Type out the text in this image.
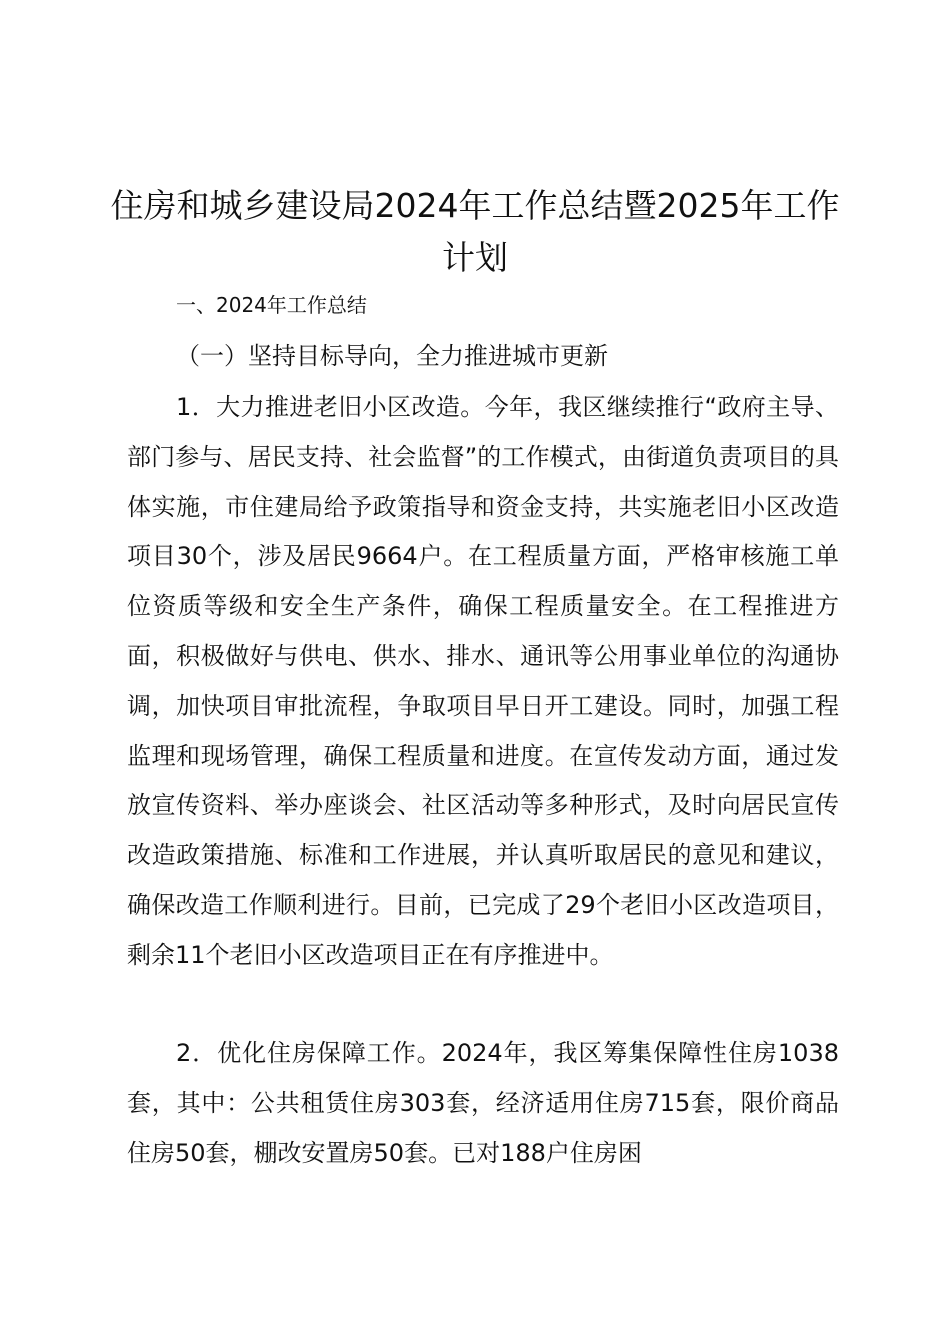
住房和城乡建设局2024年工作总结暨2025年工作计划

一、2024年工作总结

（一）坚持目标导向，全力推进城市更新

1．大力推进老旧小区改造。今年，我区继续推行“政府主导、部门参与、居民支持、社会监督”的工作模式，由街道负责项目的具体实施，市住建局给予政策指导和资金支持，共实施老旧小区改造项目30个，涉及居民9664户。在工程质量方面，严格审核施工单位资质等级和安全生产条件，确保工程质量安全。在工程推进方面，积极做好与供电、供水、排水、通讯等公用事业单位的沟通协调，加快项目审批流程，争取项目早日开工建设。同时，加强工程监理和现场管理，确保工程质量和进度。在宣传发动方面，通过发放宣传资料、举办座谈会、社区活动等多种形式，及时向居民宣传改造政策措施、标准和工作进展，并认真听取居民的意见和建议，确保改造工作顺利进行。目前，已完成了29个老旧小区改造项目，剩余11个老旧小区改造项目正在有序推进中。

2．优化住房保障工作。2024年，我区筹集保障性住房1038套，其中：公共租赁住房303套，经济适用住房715套，限价商品住房50套，棚改安置房50套。已对188户住房困
